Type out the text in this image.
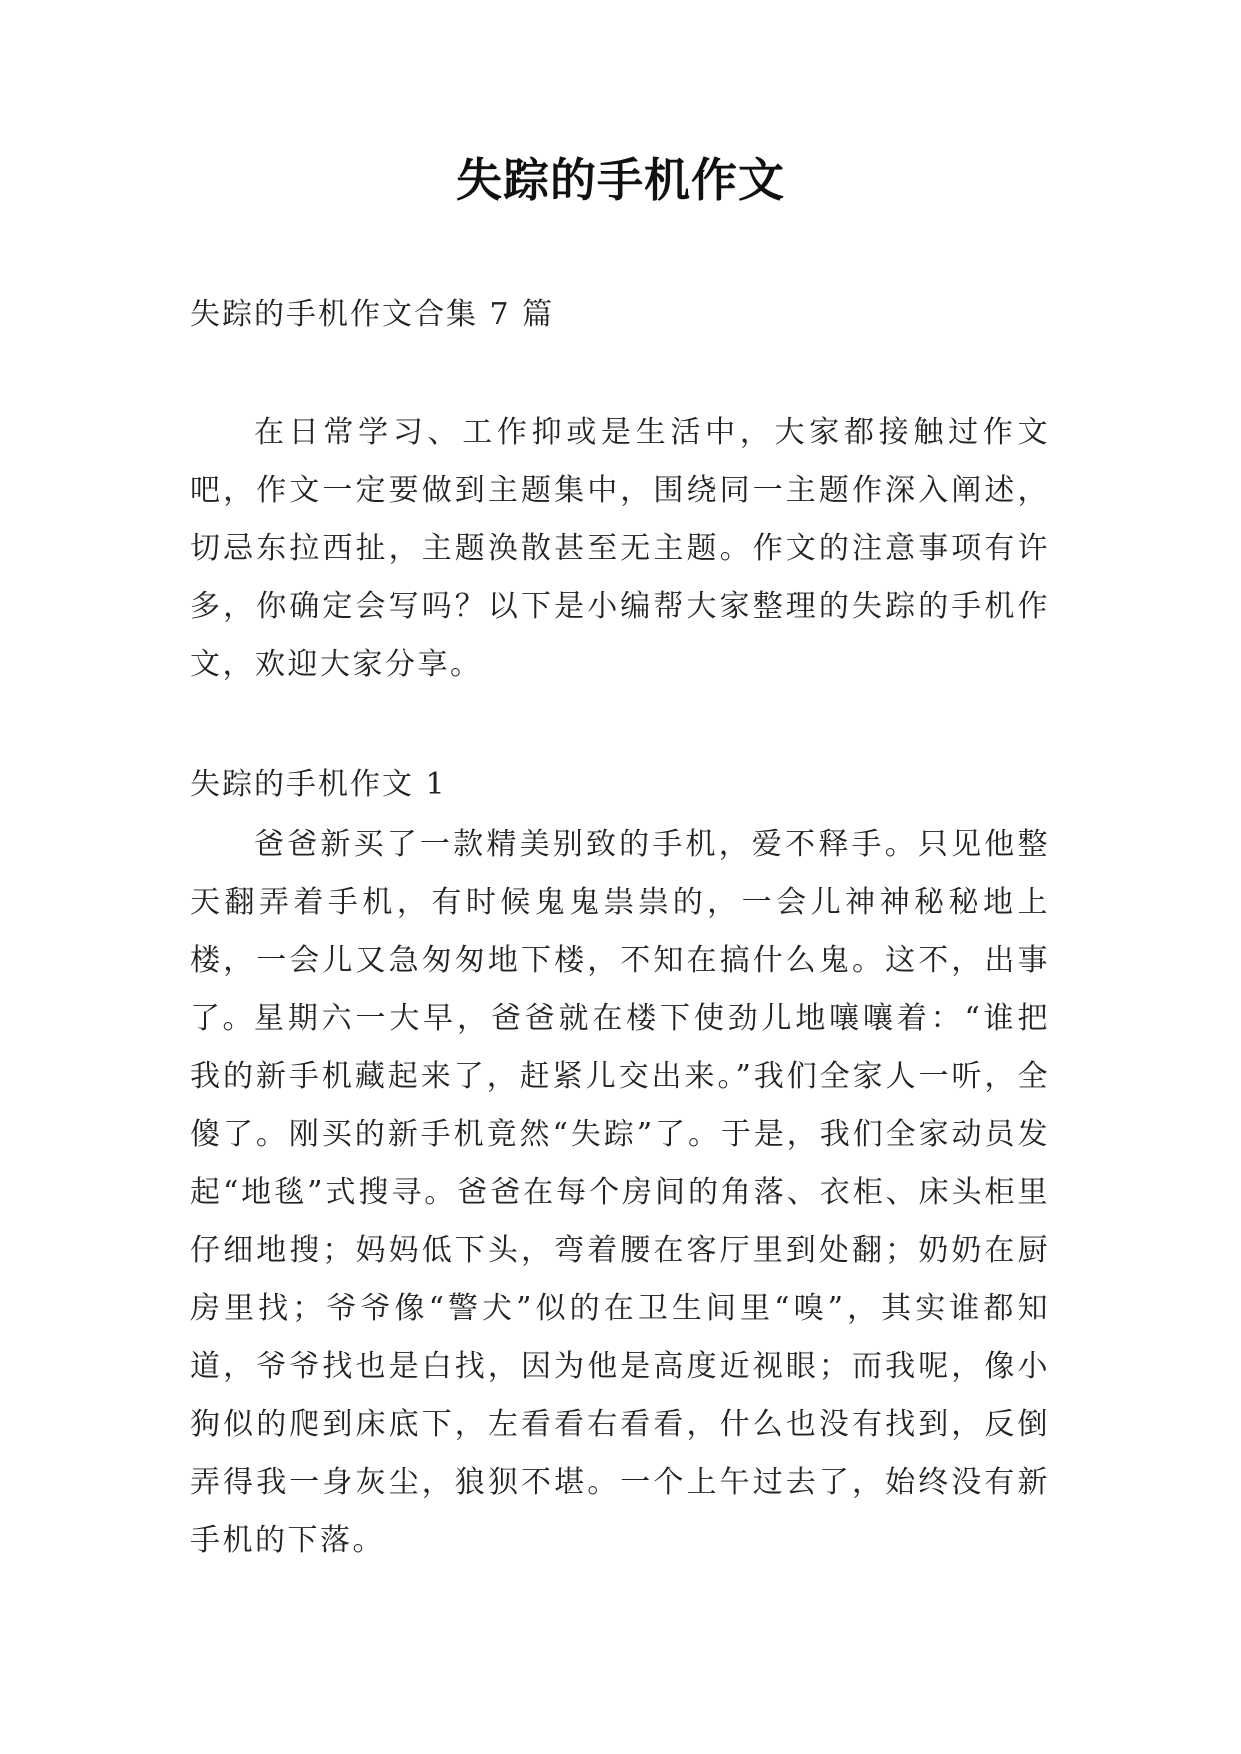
失踪的手机作文
失踪的手机作文合集 7 篇
在日常学习、工作抑或是生活中，大家都接触过作文吧，作文一定要做到主题集中，围绕同一主题作深入阐述，切忌东拉西扯，主题涣散甚至无主题。作文的注意事项有许多，你确定会写吗？以下是小编帮大家整理的失踪的手机作文，欢迎大家分享。
失踪的手机作文 1
爸爸新买了一款精美别致的手机，爱不释手。只见他整天翻弄着手机，有时候鬼鬼祟祟的，一会儿神神秘秘地上楼，一会儿又急匆匆地下楼，不知在搞什么鬼。这不，出事了。 星期六一大早，爸爸就在楼下使劲儿地嚷嚷着：“谁把我的新手机藏起来了，赶紧儿交出来。”我们全家人一听，全傻了。刚买的新手机竟然“失踪”了。于是，我们全家动员发起“地毯”式搜寻。爸爸在每个房间的角落、衣柜、床头柜里仔细地搜；妈妈低下头，弯着腰在客厅里到处翻；奶奶在厨房里找；爷爷像“警犬”似的在卫生间里“嗅”，其实谁都知道，爷爷找也是白找，因为他是高度近视眼；而我呢，像小狗似的爬到床底下，左看看右看看，什么也没有找到，反倒弄得我一身灰尘，狼狈不堪。一个上午过去了，始终没有新手机的下落。
